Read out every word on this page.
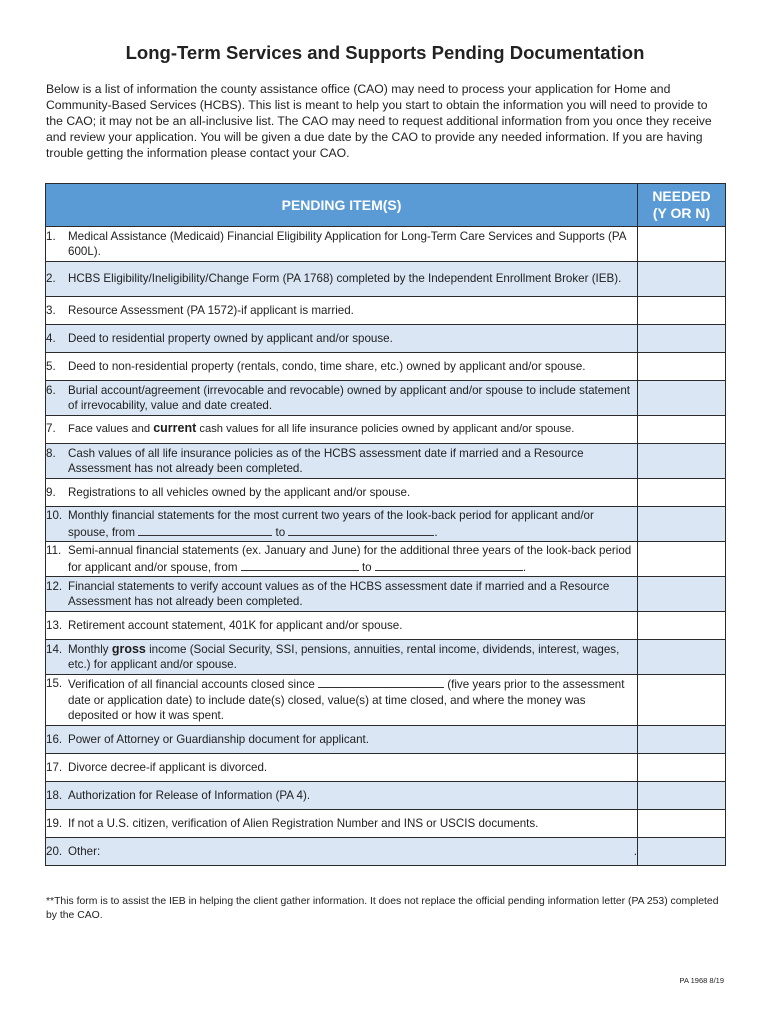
Long-Term Services and Supports Pending Documentation

Below is a list of information the county assistance office (CAO) may need to process your application for Home and Community-Based Services (HCBS). This list is meant to help you start to obtain the information you will need to provide to the CAO; it may not be an all-inclusive list. The CAO may need to request additional information from you once they receive and review your application. You will be given a due date by the CAO to provide any needed information. If you are having trouble getting the information please contact your CAO.

PENDING ITEM(S)	NEEDED
(Y OR N)

1. Medical Assistance (Medicaid) Financial Eligibility Application for Long-Term Care Services and Supports (PA 600L).	

2. HCBS Eligibility/Ineligibility/Change Form (PA 1768) completed by the Independent Enrollment Broker (IEB).	

3. Resource Assessment (PA 1572)-if applicant is married.	

4. Deed to residential property owned by applicant and/or spouse.	

5. Deed to non-residential property (rentals, condo, time share, etc.) owned by applicant and/or spouse.	

6. Burial account/agreement (irrevocable and revocable) owned by applicant and/or spouse to include statement of irrevocability, value and date created.	

7. Face values and current cash values for all life insurance policies owned by applicant and/or spouse.	

8. Cash values of all life insurance policies as of the HCBS assessment date if married and a Resource Assessment has not already been completed.	

9. Registrations to all vehicles owned by the applicant and/or spouse.	

10. Monthly financial statements for the most current two years of the look-back period for applicant and/or spouse, from to .	

11. Semi-annual financial statements (ex. January and June) for the additional three years of the look-back period for applicant and/or spouse, from to .	

12. Financial statements to verify account values as of the HCBS assessment date if married and a Resource Assessment has not already been completed.	

13. Retirement account statement, 401K for applicant and/or spouse.	

14. Monthly gross income (Social Security, SSI, pensions, annuities, rental income, dividends, interest, wages, etc.) for applicant and/or spouse.	

15. Verification of all financial accounts closed since (five years prior to the assessment date or application date) to include date(s) closed, value(s) at time closed, and where the money was deposited or how it was spent.	

16. Power of Attorney or Guardianship document for applicant.	

17. Divorce decree-if applicant is divorced.	

18. Authorization for Release of Information (PA 4).	

19. If not a U.S. citizen, verification of Alien Registration Number and INS or USCIS documents.	

20. Other: .	

**This form is to assist the IEB in helping the client gather information. It does not replace the official pending information letter (PA 253) completed by the CAO.
PA 1968 8/19
